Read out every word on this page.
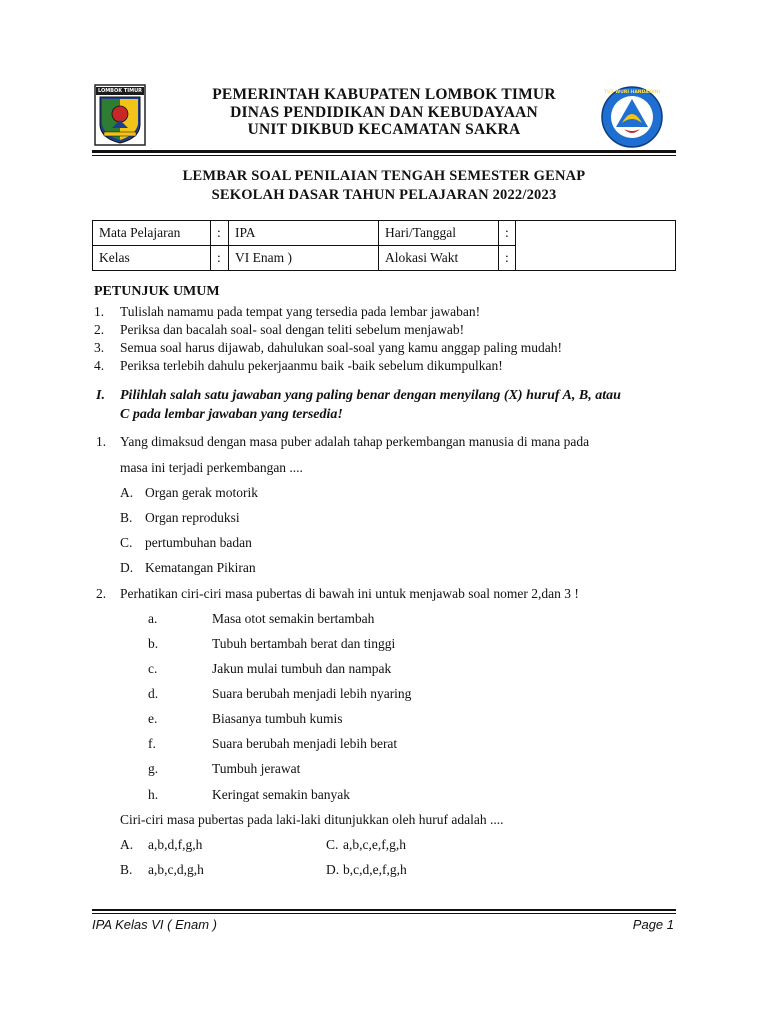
LOMBOK TIMUR	TUT WURI HANDAYANI
PEMERINTAH KABUPATEN LOMBOK TIMUR
DINAS PENDIDIKAN DAN KEBUDAYAAN
UNIT DIKBUD KECAMATAN SAKRA
LEMBAR SOAL PENILAIAN TENGAH SEMESTER GENAP
SEKOLAH DASAR TAHUN PELAJARAN 2022/2023
Mata Pelajaran	:	IPA	Hari/Tanggal	:	
Kelas	:	VI Enam )	Alokasi Wakt	:	
PETUNJUK UMUM
1. Tulislah namamu pada tempat yang tersedia pada lembar jawaban!
2. Periksa dan bacalah soal- soal dengan teliti sebelum menjawab!
3. Semua soal harus dijawab, dahulukan soal-soal yang kamu anggap paling mudah!
4. Periksa terlebih dahulu pekerjaanmu baik -baik sebelum dikumpulkan!
I. Pilihlah salah satu jawaban yang paling benar dengan menyilang (X) huruf A, B, atau
C pada lembar jawaban yang tersedia!
1. Yang dimaksud dengan masa puber adalah tahap perkembangan manusia di mana pada
masa ini terjadi perkembangan ....
A. Organ gerak motorik
B. Organ reproduksi
C. pertumbuhan badan
D. Kematangan Pikiran
2. Perhatikan ciri-ciri masa pubertas di bawah ini untuk menjawab soal nomer 2,dan 3 !
a.	Masa otot semakin bertambah
b.	Tubuh bertambah berat dan tinggi
c.	Jakun mulai tumbuh dan nampak
d.	Suara berubah menjadi lebih nyaring
e.	Biasanya tumbuh kumis
f.	Suara berubah menjadi lebih berat
g.	Tumbuh jerawat
h.	Keringat semakin banyak
Ciri-ciri masa pubertas pada laki-laki ditunjukkan oleh huruf adalah ....
A. a,b,d,f,g,h
B. a,b,c,d,g,h
C. a,b,c,e,f,g,h
D. b,c,d,e,f,g,h
IPA Kelas VI ( Enam )	Page 1
